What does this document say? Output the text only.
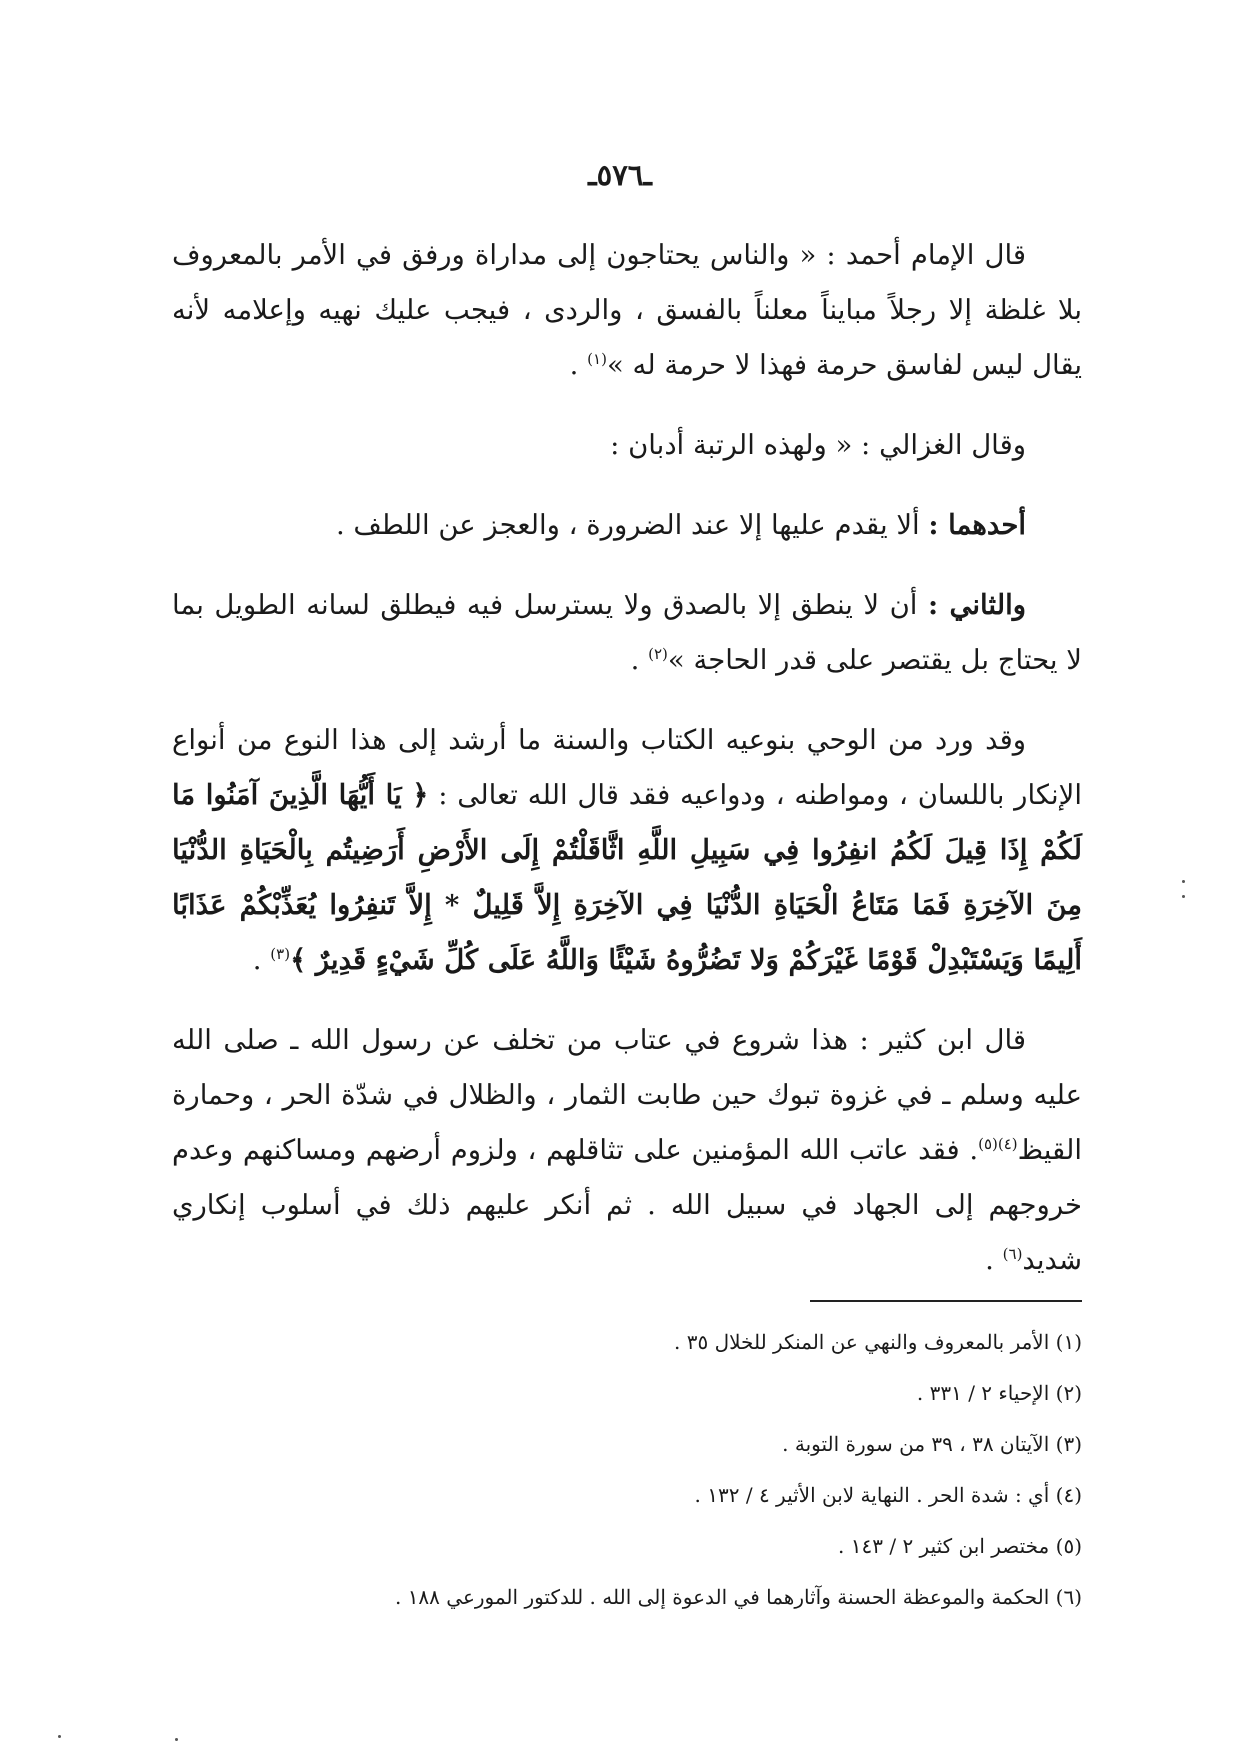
ـ٥٧٦ـ

قال الإمام أحمد : « والناس يحتاجون إلى مداراة ورفق في الأمر بالمعروف بلا غلظة إلا رجلاً مبايناً معلناً بالفسق ، والردى ، فيجب عليك نهيه وإعلامه لأنه يقال ليس لفاسق حرمة فهذا لا حرمة له »$^{(١)}$ .

وقال الغزالي : « ولهذه الرتبة أدبان :

أحدهما : ألا يقدم عليها إلا عند الضرورة ، والعجز عن اللطف .

والثاني : أن لا ينطق إلا بالصدق ولا يسترسل فيه فيطلق لسانه الطويل بما لا يحتاج بل يقتصر على قدر الحاجة »$^{(٢)}$ .

وقد ورد من الوحي بنوعيه الكتاب والسنة ما أرشد إلى هذا النوع من أنواع الإنكار باللسان ، ومواطنه ، ودواعيه فقد قال الله تعالى : ﴿ يَا أَيُّهَا الَّذِينَ آمَنُوا مَا لَكُمْ إِذَا قِيلَ لَكُمُ انفِرُوا فِي سَبِيلِ اللَّهِ اثَّاقَلْتُمْ إِلَى الأَرْضِ أَرَضِيتُم بِالْحَيَاةِ الدُّنْيَا مِنَ الآخِرَةِ فَمَا مَتَاعُ الْحَيَاةِ الدُّنْيَا فِي الآخِرَةِ إِلاَّ قَلِيلٌ * إِلاَّ تَنفِرُوا يُعَذِّبْكُمْ عَذَابًا أَلِيمًا وَيَسْتَبْدِلْ قَوْمًا غَيْرَكُمْ وَلا تَضُرُّوهُ شَيْئًا وَاللَّهُ عَلَى كُلِّ شَيْءٍ قَدِيرٌ ﴾$^{(٣)}$ .

قال ابن كثير : هذا شروع في عتاب من تخلف عن رسول الله ـ صلى الله عليه وسلم ـ في غزوة تبوك حين طابت الثمار ، والظلال في شدّة الحر ، وحمارة القيظ$^{(٤)(٥)}$. فقد عاتب الله المؤمنين على تثاقلهم ، ولزوم أرضهم ومساكنهم وعدم خروجهم إلى الجهاد في سبيل الله . ثم أنكر عليهم ذلك في أسلوب إنكاري شديد$^{(٦)}$ .

(١) الأمر بالمعروف والنهي عن المنكر للخلال ٣٥ .

(٢) الإحياء ٢ / ٣٣١ .

(٣) الآيتان ٣٨ ، ٣٩ من سورة التوبة .

(٤) أي : شدة الحر . النهاية لابن الأثير ٤ / ١٣٢ .

(٥) مختصر ابن كثير ٢ / ١٤٣ .

(٦) الحكمة والموعظة الحسنة وآثارهما في الدعوة إلى الله . للدكتور المورعي ١٨٨ .
